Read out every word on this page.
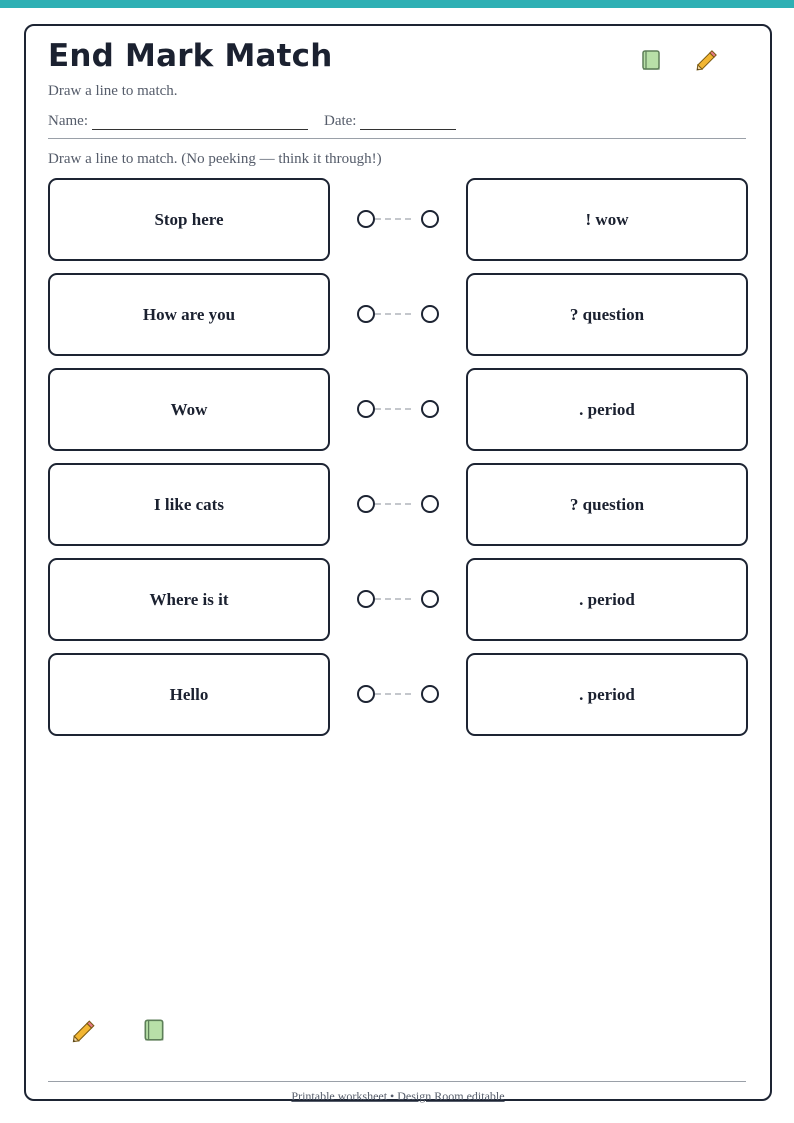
End Mark Match
Draw a line to match.
Name:	Date:
Draw a line to match. (No peeking — think it through!)
Stop here	! wow
How are you	? question
Wow	. period
I like cats	? question
Where is it	. period
Hello	. period
Printable worksheet • Design Room editable
